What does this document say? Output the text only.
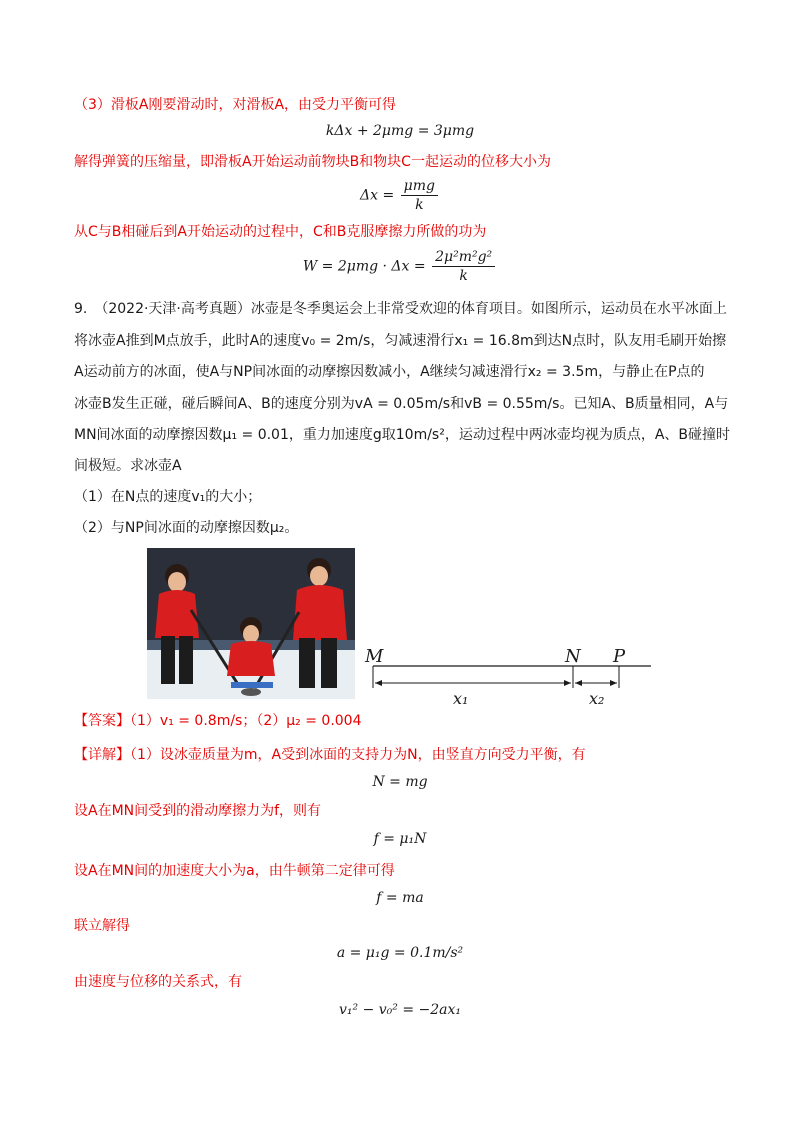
（3）滑板A刚要滑动时，对滑板A，由受力平衡可得
kΔx + 2μmg = 3μmg
解得弹簧的压缩量，即滑板A开始运动前物块B和物块C一起运动的位移大小为
$\Delta x = \frac{\text{μmg}}{k}$
从C与B相碰后到A开始运动的过程中，C和B克服摩擦力所做的功为
$W = 2\mu mg \cdot \Delta x = \frac{\text{2μ²m²g²}}{k}$
9.　（2022·天津·高考真题）冰壶是冬季奥运会上非常受欢迎的体育项目。如图所示，运动员在水平冰面上
将冰壶A推到M点放手，此时A的速度v₀ = 2m/s，匀减速滑行x₁ = 16.8m到达N点时，队友用毛刷开始擦
A运动前方的冰面，使A与NP间冰面的动摩擦因数减小，A继续匀减速滑行x₂ = 3.5m，与静止在P点的
冰壶B发生正碰，碰后瞬间A、B的速度分别为vA = 0.05m/s和vB = 0.55m/s。已知A、B质量相同，A与
MN间冰面的动摩擦因数μ₁ = 0.01，重力加速度g取10m/s²，运动过程中两冰壶均视为质点，A、B碰撞时
间极短。求冰壶A
（1）在N点的速度v₁的大小；
（2）与NP间冰面的动摩擦因数μ₂。
M	N P
x₁	x₂
【答案】（1）v₁ = 0.8m/s；（2）μ₂ = 0.004
【详解】（1）设冰壶质量为m，A受到冰面的支持力为N，由竖直方向受力平衡，有
N = mg
设A在MN间受到的滑动摩擦力为f，则有
f = μ₁N
设A在MN间的加速度大小为a，由牛顿第二定律可得
f = ma
联立解得
a = μ₁g = 0.1m/s²
由速度与位移的关系式，有
v₁² − v₀² = −2ax₁
